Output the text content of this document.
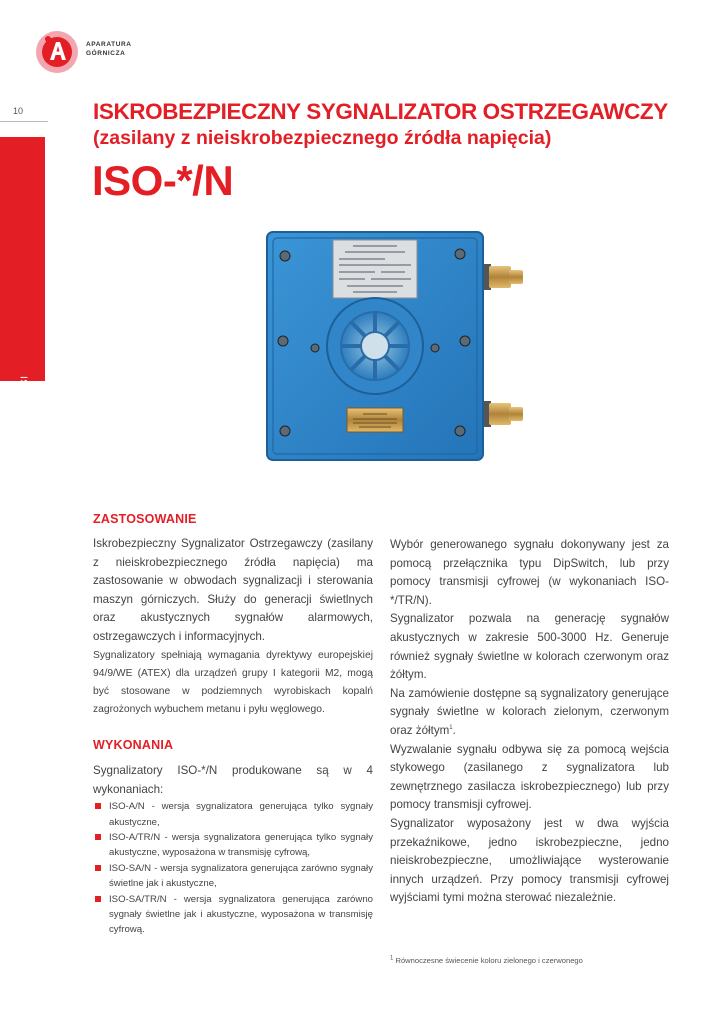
APARATURA
GÓRNICZA
10
ISO-*/N
ISKROBEZPIECZNY SYGNALIZATOR OSTRZEGAWCZY
(zasilany z nieiskrobezpiecznego źródła napięcia)
ISO-*/N
ZASTOSOWANIE

Iskrobezpieczny Sygnalizator Ostrzegawczy (zasilany z nieiskrobezpiecznego źródła napięcia) ma zastosowanie w obwodach sygnalizacji i sterowania maszyn górniczych. Służy do generacji świetlnych oraz akustycznych sygnałów alarmowych, ostrzegawczych i informacyjnych.

Sygnalizatory spełniają wymagania dyrektywy europejskiej 94/9/WE (ATEX) dla urządzeń grupy I kategorii M2, mogą być stosowane w podziemnych wyrobiskach kopalń zagrożonych wybuchem metanu i pyłu węglowego.

WYKONANIA

Sygnalizatory ISO-*/N produkowane są w 4 wykonaniach:

ISO-A/N - wersja sygnalizatora generująca tylko sygnały akustyczne,
ISO-A/TR/N - wersja sygnalizatora generująca tylko sygnały akustyczne, wyposażona w transmisję cyfrową,
ISO-SA/N - wersja sygnalizatora generująca zarówno sygnały świetlne jak i akustyczne,
ISO-SA/TR/N - wersja sygnalizatora generująca zarówno sygnały świetlne jak i akustyczne, wyposażona w transmisję cyfrową.

Wybór generowanego sygnału dokonywany jest za pomocą przełącznika typu DipSwitch, lub przy pomocy transmisji cyfrowej (w wykonaniach ISO-*/TR/N).

Sygnalizator pozwala na generację sygnałów akustycznych w zakresie 500-3000 Hz. Generuje również sygnały świetlne w kolorach czerwonym oraz żółtym.

Na zamówienie dostępne są sygnalizatory generujące sygnały świetlne w kolorach zielonym, czerwonym oraz żółtym$^1$.

Wyzwalanie sygnału odbywa się za pomocą wejścia stykowego (zasilanego z sygnalizatora lub zewnętrznego zasilacza iskrobezpiecznego) lub przy pomocy transmisji cyfrowej.

Sygnalizator wyposażony jest w dwa wyjścia przekaźnikowe, jedno iskrobezpieczne, jedno nieiskrobezpieczne, umożliwiające wysterowanie innych urządzeń. Przy pomocy transmisji cyfrowej wyjściami tymi można sterować niezależnie.

$^1$ Równoczesne świecenie koloru zielonego i czerwonego
